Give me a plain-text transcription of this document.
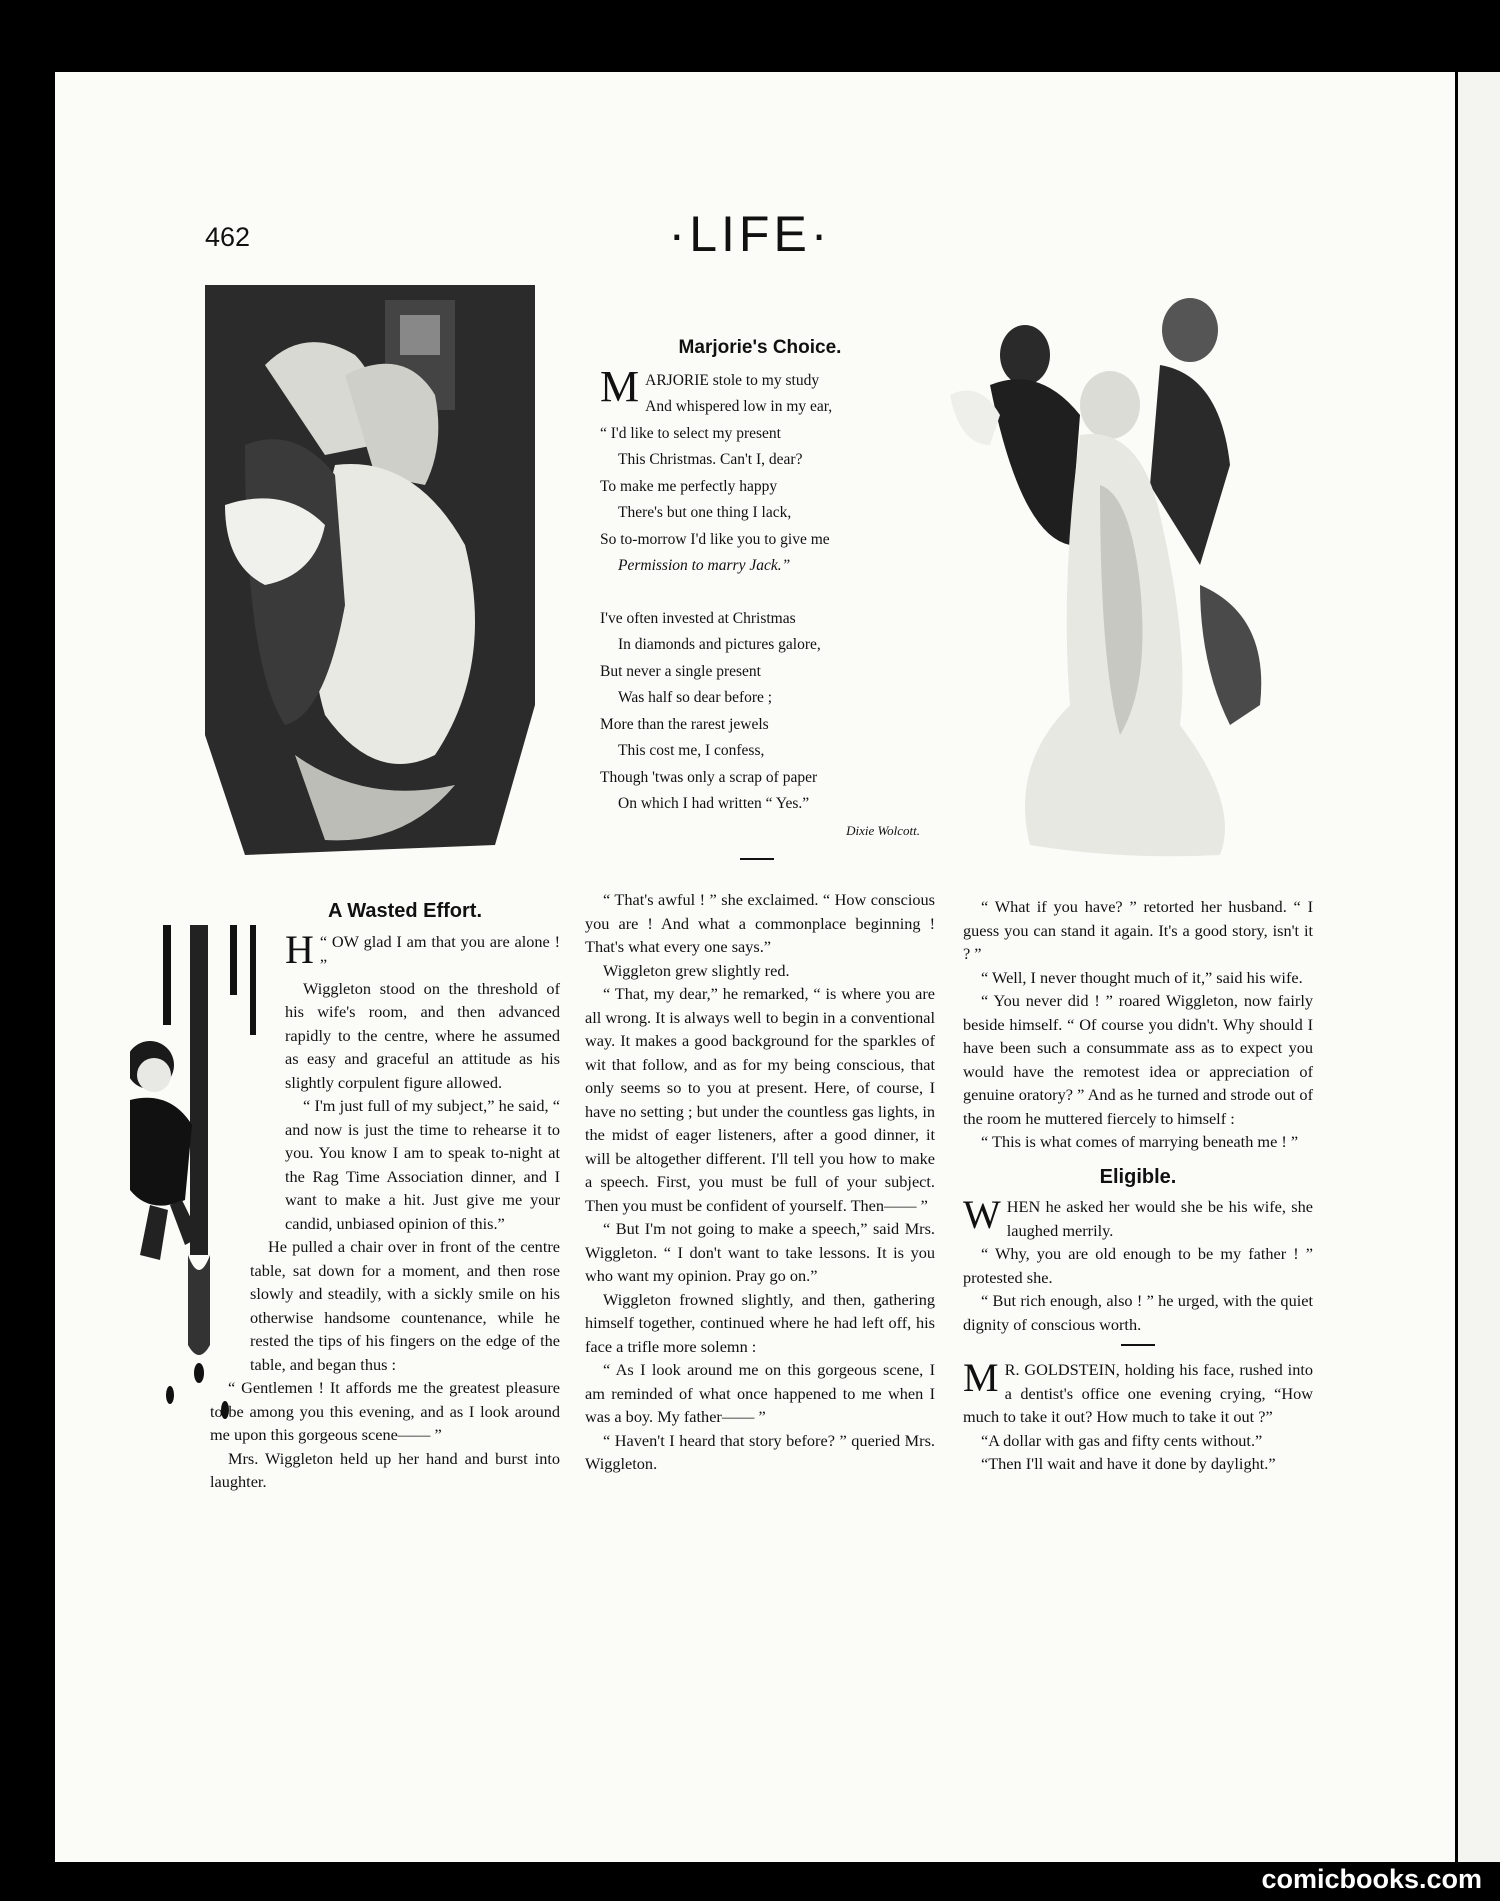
462	·LIFE·
Marjorie's Choice.
MARJORIE stole to my study
And whispered low in my ear,
“ I'd like to select my present
This Christmas. Can't I, dear?
To make me perfectly happy
There's but one thing I lack,
So to-morrow I'd like you to give me
Permission to marry Jack.”
I've often invested at Christmas
In diamonds and pictures galore,
But never a single present
Was half so dear before ;
More than the rarest jewels
This cost me, I confess,
Though 'twas only a scrap of paper
On which I had written “ Yes.”
Dixie Wolcott.
A Wasted Effort.

H “ OW glad I am that you are alone ! ”

Wiggleton stood on the threshold of his wife's room, and then advanced rapidly to the centre, where he assumed as easy and graceful an attitude as his slightly corpulent figure allowed.

“ I'm just full of my subject,” he said, “ and now is just the time to rehearse it to you. You know I am to speak to-night at the Rag Time Association dinner, and I want to make a hit. Just give me your candid, unbiased opinion of this.”

He pulled a chair over in front of the centre table, sat down for a moment, and then rose slowly and steadily, with a sickly smile on his otherwise handsome countenance, while he rested the tips of his fingers on the edge of the table, and began thus :

“ Gentlemen ! It affords me the greatest pleasure to be among you this evening, and as I look around me upon this gorgeous scene—— ”

Mrs. Wiggleton held up her hand and burst into laughter.

“ That's awful ! ” she exclaimed. “ How conscious you are ! And what a commonplace beginning ! That's what every one says.”

Wiggleton grew slightly red.

“ That, my dear,” he remarked, “ is where you are all wrong. It is always well to begin in a conventional way. It makes a good background for the sparkles of wit that follow, and as for my being conscious, that only seems so to you at present. Here, of course, I have no setting ; but under the countless gas lights, in the midst of eager listeners, after a good dinner, it will be altogether different. I'll tell you how to make a speech. First, you must be full of your subject. Then you must be confident of yourself. Then—— ”

“ But I'm not going to make a speech,” said Mrs. Wiggleton. “ I don't want to take lessons. It is you who want my opinion. Pray go on.”

Wiggleton frowned slightly, and then, gathering himself together, continued where he had left off, his face a trifle more solemn :

“ As I look around me on this gorgeous scene, I am reminded of what once happened to me when I was a boy. My father—— ”

“ Haven't I heard that story before? ” queried Mrs. Wiggleton.

“ What if you have? ” retorted her husband. “ I guess you can stand it again. It's a good story, isn't it ? ”

“ Well, I never thought much of it,” said his wife.

“ You never did ! ” roared Wiggleton, now fairly beside himself. “ Of course you didn't. Why should I have been such a consummate ass as to expect you would have the remotest idea or appreciation of genuine oratory? ” And as he turned and strode out of the room he muttered fiercely to himself :

“ This is what comes of marrying beneath me ! ”

Eligible.

WHEN he asked her would she be his wife, she laughed merrily.

“ Why, you are old enough to be my father ! ” protested she.

“ But rich enough, also ! ” he urged, with the quiet dignity of conscious worth.

M R. GOLDSTEIN, holding his face, rushed into a dentist's office one evening crying, “How much to take it out? How much to take it out ?”

“A dollar with gas and fifty cents without.”

“Then I'll wait and have it done by daylight.”

comicbooks.com
